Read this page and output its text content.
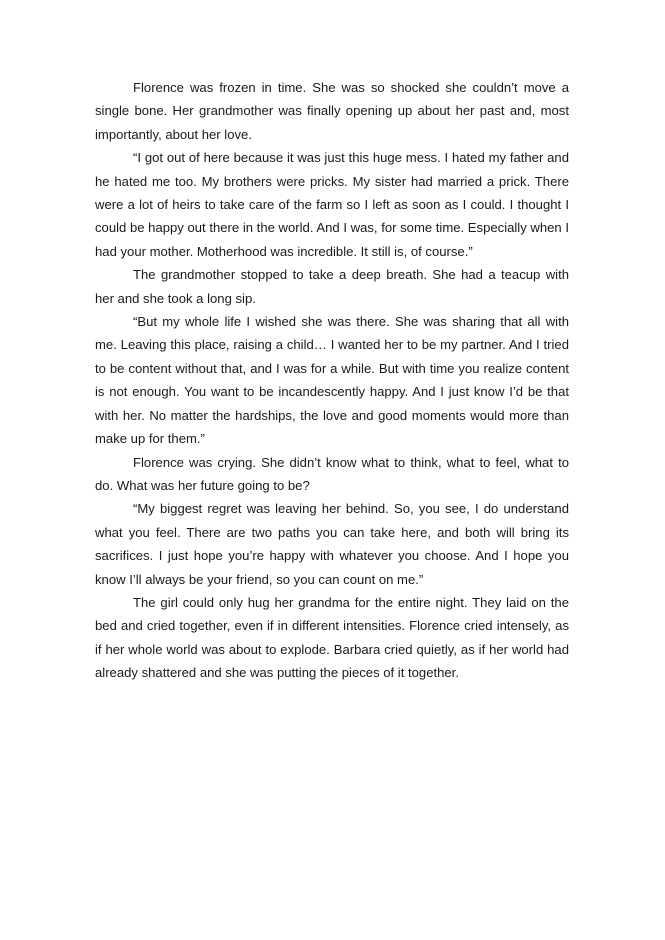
Florence was frozen in time. She was so shocked she couldn’t move a single bone. Her grandmother was finally opening up about her past and, most importantly, about her love.

“I got out of here because it was just this huge mess. I hated my father and he hated me too. My brothers were pricks. My sister had married a prick. There were a lot of heirs to take care of the farm so I left as soon as I could. I thought I could be happy out there in the world. And I was, for some time. Especially when I had your mother. Motherhood was incredible. It still is, of course.”

The grandmother stopped to take a deep breath. She had a teacup with her and she took a long sip.

“But my whole life I wished she was there. She was sharing that all with me. Leaving this place, raising a child… I wanted her to be my partner. And I tried to be content without that, and I was for a while. But with time you realize content is not enough. You want to be incandescently happy. And I just know I’d be that with her. No matter the hardships, the love and good moments would more than make up for them.”

Florence was crying. She didn’t know what to think, what to feel, what to do. What was her future going to be?

“My biggest regret was leaving her behind. So, you see, I do understand what you feel. There are two paths you can take here, and both will bring its sacrifices. I just hope you’re happy with whatever you choose. And I hope you know I’ll always be your friend, so you can count on me.”

The girl could only hug her grandma for the entire night. They laid on the bed and cried together, even if in different intensities. Florence cried intensely, as if her whole world was about to explode. Barbara cried quietly, as if her world had already shattered and she was putting the pieces of it together.
